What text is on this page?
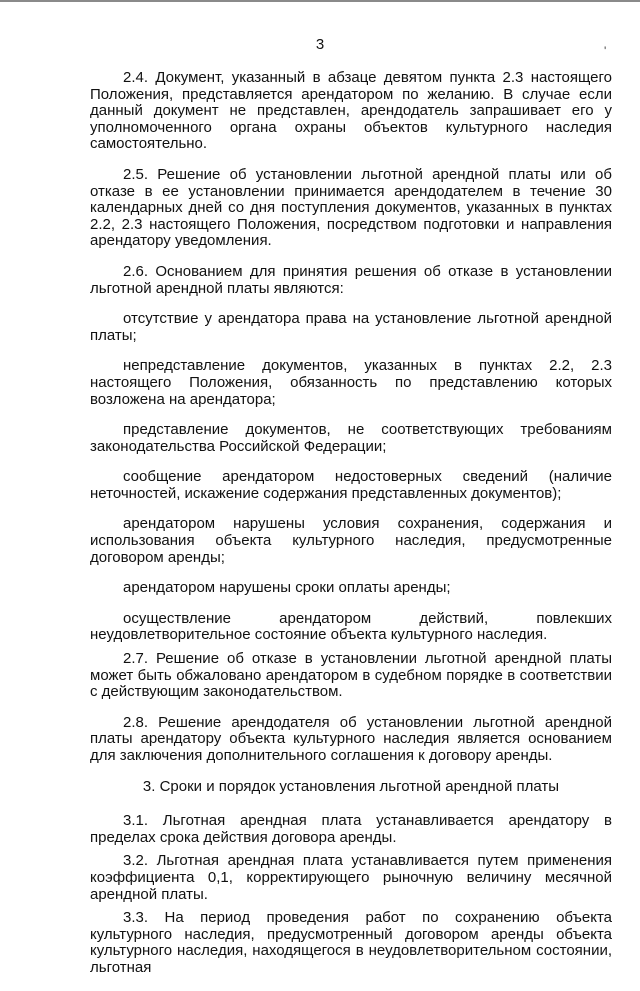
3	'

2.4. Документ, указанный в абзаце девятом пункта 2.3 настоящего Положения, представляется арендатором по желанию. В случае если данный документ не представлен, арендодатель запрашивает его у уполномоченного органа охраны объектов культурного наследия самостоятельно.

2.5. Решение об установлении льготной арендной платы или об отказе в ее установлении принимается арендодателем в течение 30 календарных дней со дня поступления документов, указанных в пунктах 2.2, 2.3 настоящего Положения, посредством подготовки и направления арендатору уведомления.

2.6. Основанием для принятия решения об отказе в установлении льготной арендной платы являются:

отсутствие у арендатора права на установление льготной арендной платы;

непредставление документов, указанных в пунктах 2.2, 2.3 настоящего Положения, обязанность по представлению которых возложена на арендатора;

представление документов, не соответствующих требованиям законодательства Российской Федерации;

сообщение арендатором недостоверных сведений (наличие неточностей, искажение содержания представленных документов);

арендатором нарушены условия сохранения, содержания и использования объекта культурного наследия, предусмотренные договором аренды;

арендатором нарушены сроки оплаты аренды;

осуществление арендатором действий, повлекших неудовлетворительное состояние объекта культурного наследия.

2.7. Решение об отказе в установлении льготной арендной платы может быть обжаловано арендатором в судебном порядке в соответствии с действующим законодательством.

2.8. Решение арендодателя об установлении льготной арендной платы арендатору объекта культурного наследия является основанием для заключения дополнительного соглашения к договору аренды.

3. Сроки и порядок установления льготной арендной платы

3.1. Льготная арендная плата устанавливается арендатору в пределах срока действия договора аренды.

3.2. Льготная арендная плата устанавливается путем применения коэффициента 0,1, корректирующего рыночную величину месячной арендной платы.

3.3. На период проведения работ по сохранению объекта культурного наследия, предусмотренный договором аренды объекта культурного наследия, находящегося в неудовлетворительном состоянии, льготная
